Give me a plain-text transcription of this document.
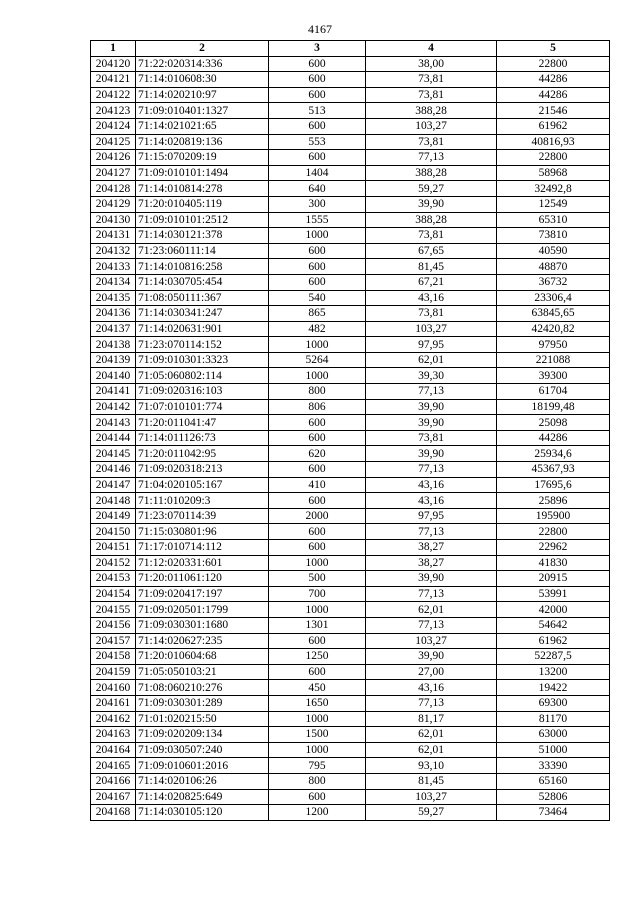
4167
1	2	3	4	5
204120	71:22:020314:336	600	38,00	22800
204121	71:14:010608:30	600	73,81	44286
204122	71:14:020210:97	600	73,81	44286
204123	71:09:010401:1327	513	388,28	21546
204124	71:14:021021:65	600	103,27	61962
204125	71:14:020819:136	553	73,81	40816,93
204126	71:15:070209:19	600	77,13	22800
204127	71:09:010101:1494	1404	388,28	58968
204128	71:14:010814:278	640	59,27	32492,8
204129	71:20:010405:119	300	39,90	12549
204130	71:09:010101:2512	1555	388,28	65310
204131	71:14:030121:378	1000	73,81	73810
204132	71:23:060111:14	600	67,65	40590
204133	71:14:010816:258	600	81,45	48870
204134	71:14:030705:454	600	67,21	36732
204135	71:08:050111:367	540	43,16	23306,4
204136	71:14:030341:247	865	73,81	63845,65
204137	71:14:020631:901	482	103,27	42420,82
204138	71:23:070114:152	1000	97,95	97950
204139	71:09:010301:3323	5264	62,01	221088
204140	71:05:060802:114	1000	39,30	39300
204141	71:09:020316:103	800	77,13	61704
204142	71:07:010101:774	806	39,90	18199,48
204143	71:20:011041:47	600	39,90	25098
204144	71:14:011126:73	600	73,81	44286
204145	71:20:011042:95	620	39,90	25934,6
204146	71:09:020318:213	600	77,13	45367,93
204147	71:04:020105:167	410	43,16	17695,6
204148	71:11:010209:3	600	43,16	25896
204149	71:23:070114:39	2000	97,95	195900
204150	71:15:030801:96	600	77,13	22800
204151	71:17:010714:112	600	38,27	22962
204152	71:12:020331:601	1000	38,27	41830
204153	71:20:011061:120	500	39,90	20915
204154	71:09:020417:197	700	77,13	53991
204155	71:09:020501:1799	1000	62,01	42000
204156	71:09:030301:1680	1301	77,13	54642
204157	71:14:020627:235	600	103,27	61962
204158	71:20:010604:68	1250	39,90	52287,5
204159	71:05:050103:21	600	27,00	13200
204160	71:08:060210:276	450	43,16	19422
204161	71:09:030301:289	1650	77,13	69300
204162	71:01:020215:50	1000	81,17	81170
204163	71:09:020209:134	1500	62,01	63000
204164	71:09:030507:240	1000	62,01	51000
204165	71:09:010601:2016	795	93,10	33390
204166	71:14:020106:26	800	81,45	65160
204167	71:14:020825:649	600	103,27	52806
204168	71:14:030105:120	1200	59,27	73464
